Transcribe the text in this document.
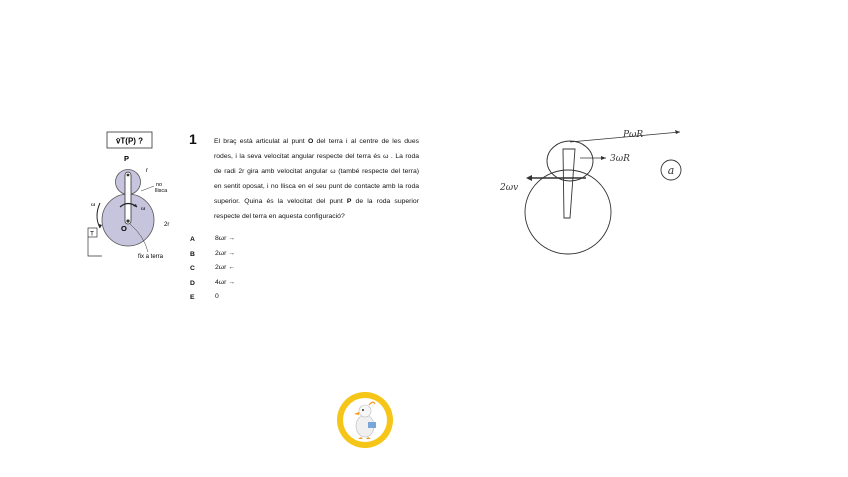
v̄T(P) ?
P
r
ω
ω
no
llisca
2r
O
fix a terra
T
1	El braç està articulat al punt O del terra i al centre de les dues rodes, i la seva velocitat angular respecte del terra és ω . La roda de radi 2r gira amb velocitat angular ω (també respecte del terra) en sentit oposat, i no llisca en el seu punt de contacte amb la roda superior. Quina és la velocitat del punt P de la roda superior respecte del terra en aquesta configuració?
A	8ωr →
B	2ωr →
C	2ωr ←
D	4ωr →
E	0
PωR
3ωR
2ωv
a
